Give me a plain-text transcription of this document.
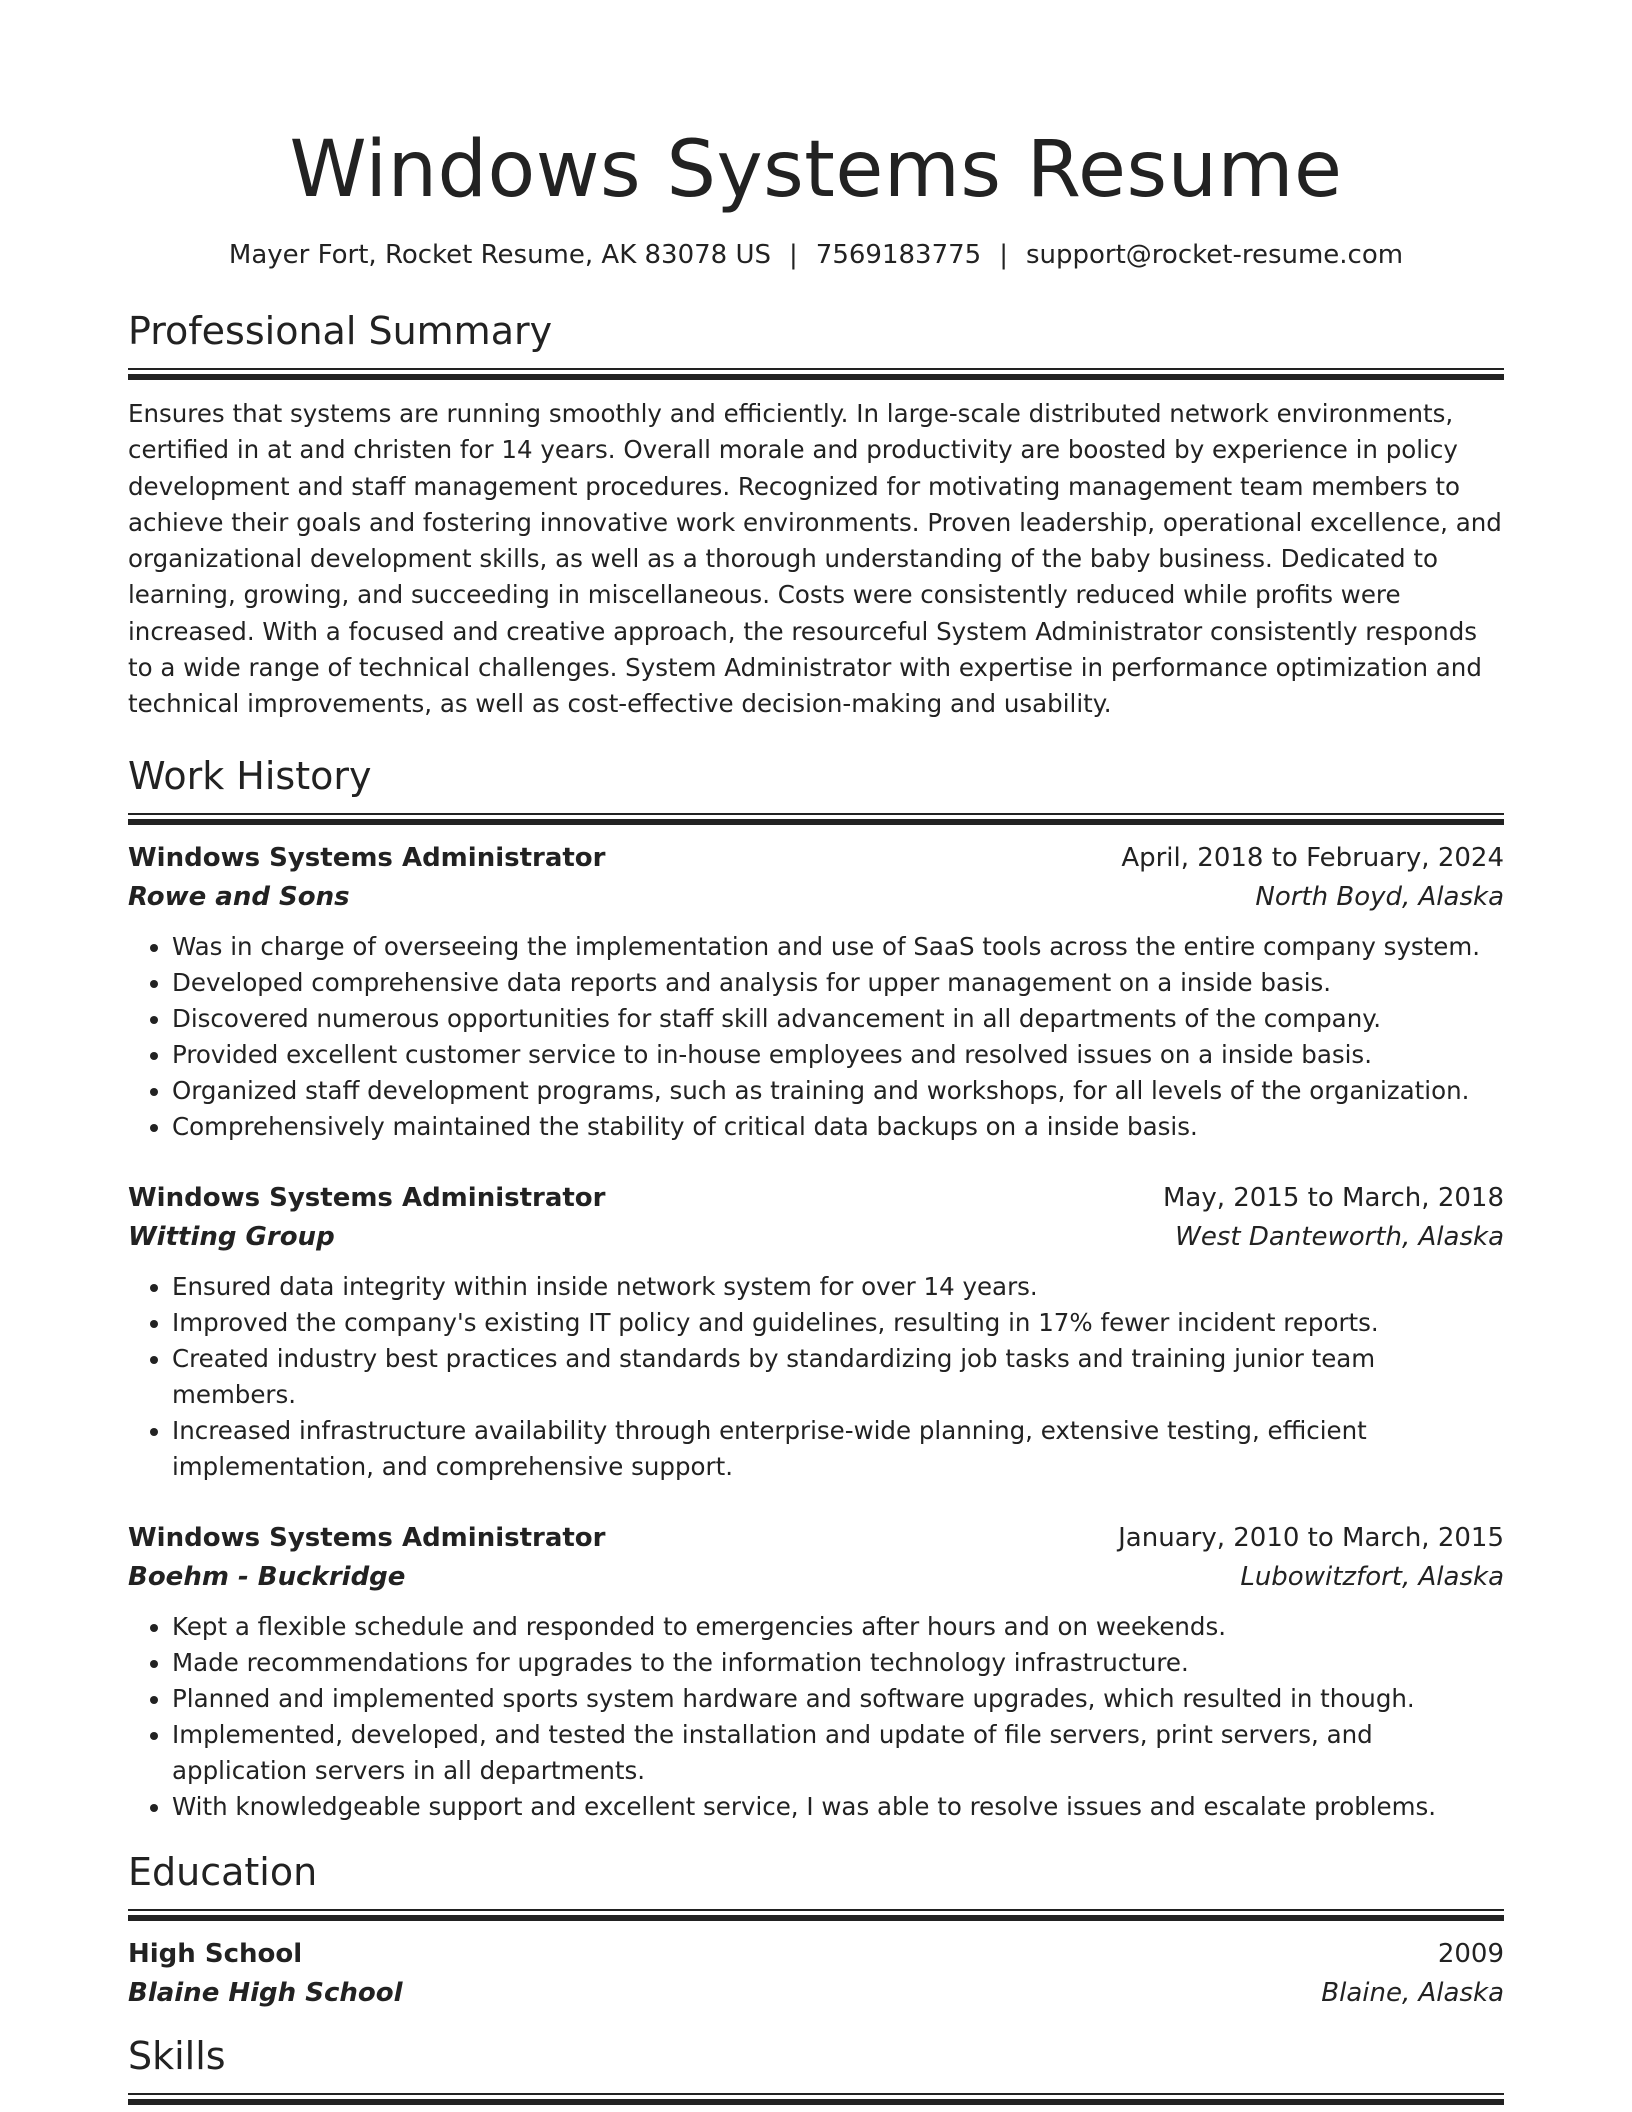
Windows Systems Resume
Mayer Fort, Rocket Resume, AK 83078 US | 7569183775 | support@rocket-resume.com
Professional Summary

Ensures that systems are running smoothly and efficiently. In large-scale distributed network environments, certified in at and christen for 14 years. Overall morale and productivity are boosted by experience in policy development and staff management procedures. Recognized for motivating management team members to achieve their goals and fostering innovative work environments. Proven leadership, operational excellence, and organizational development skills, as well as a thorough understanding of the baby business. Dedicated to learning, growing, and succeeding in miscellaneous. Costs were consistently reduced while profits were increased. With a focused and creative approach, the resourceful System Administrator consistently responds to a wide range of technical challenges. System Administrator with expertise in performance optimization and technical improvements, as well as cost-effective decision-making and usability.

Work History
Windows Systems Administrator	April, 2018 to February, 2024
Rowe and Sons	North Boyd, Alaska
• Was in charge of overseeing the implementation and use of SaaS tools across the entire company system.
• Developed comprehensive data reports and analysis for upper management on a inside basis.
• Discovered numerous opportunities for staff skill advancement in all departments of the company.
• Provided excellent customer service to in-house employees and resolved issues on a inside basis.
• Organized staff development programs, such as training and workshops, for all levels of the organization.
• Comprehensively maintained the stability of critical data backups on a inside basis.
Windows Systems Administrator	May, 2015 to March, 2018
Witting Group	West Danteworth, Alaska
• Ensured data integrity within inside network system for over 14 years.
• Improved the company's existing IT policy and guidelines, resulting in 17% fewer incident reports.
• Created industry best practices and standards by standardizing job tasks and training junior team members.
• Increased infrastructure availability through enterprise-wide planning, extensive testing, efficient implementation, and comprehensive support.
Windows Systems Administrator	January, 2010 to March, 2015
Boehm - Buckridge	Lubowitzfort, Alaska
• Kept a flexible schedule and responded to emergencies after hours and on weekends.
• Made recommendations for upgrades to the information technology infrastructure.
• Planned and implemented sports system hardware and software upgrades, which resulted in though.
• Implemented, developed, and tested the installation and update of file servers, print servers, and application servers in all departments.
• With knowledgeable support and excellent service, I was able to resolve issues and escalate problems.
Education
High School	2009
Blaine High School	Blaine, Alaska
Skills
